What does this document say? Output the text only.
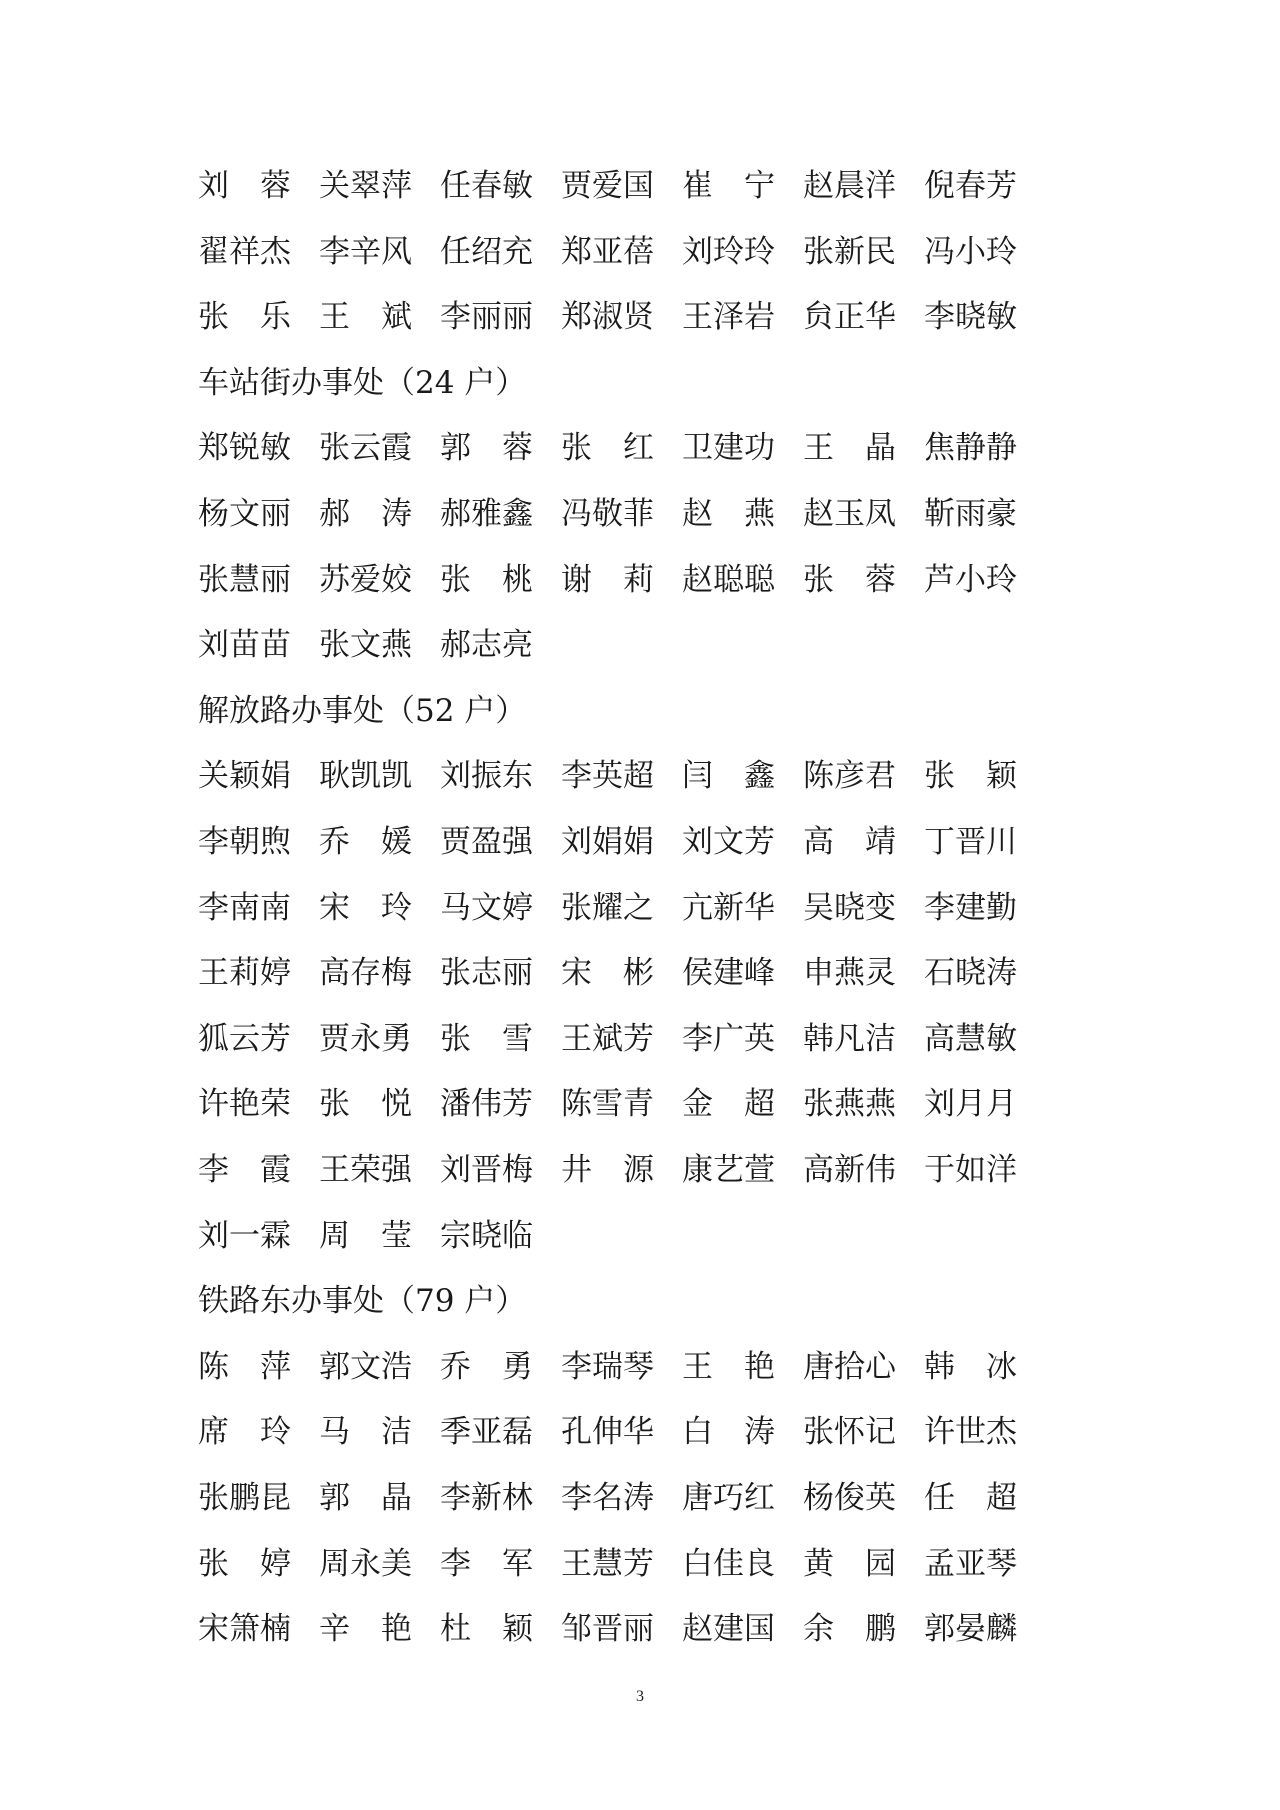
刘　蓉 关翠萍 任春敏 贾爱国 崔　宁 赵晨洋 倪春芳
翟祥杰 李辛风 任绍充 郑亚蓓 刘玲玲 张新民 冯小玲
张　乐 王　斌 李丽丽 郑淑贤 王泽岩 贠正华 李晓敏
车站街办事处（24 户）
郑锐敏 张云霞 郭　蓉 张　红 卫建功 王　晶 焦静静
杨文丽 郝　涛 郝雅鑫 冯敬菲 赵　燕 赵玉凤 靳雨豪
张慧丽 苏爱姣 张　桃 谢　莉 赵聪聪 张　蓉 芦小玲
刘苗苗 张文燕 郝志亮
解放路办事处（52 户）
关颖娟 耿凯凯 刘振东 李英超 闫　鑫 陈彦君 张　颖
李朝煦 乔　媛 贾盈强 刘娟娟 刘文芳 高　靖 丁晋川
李南南 宋　玲 马文婷 张耀之 亢新华 吴晓变 李建勤
王莉婷 高存梅 张志丽 宋　彬 侯建峰 申燕灵 石晓涛
狐云芳 贾永勇 张　雪 王斌芳 李广英 韩凡洁 高慧敏
许艳荣 张　悦 潘伟芳 陈雪青 金　超 张燕燕 刘月月
李　霞 王荣强 刘晋梅 井　源 康艺萱 高新伟 于如洋
刘一霖 周　莹 宗晓临
铁路东办事处（79 户）
陈　萍 郭文浩 乔　勇 李瑞琴 王　艳 唐拾心 韩　冰
席　玲 马　洁 季亚磊 孔伸华 白　涛 张怀记 许世杰
张鹏昆 郭　晶 李新林 李名涛 唐巧红 杨俊英 任　超
张　婷 周永美 李　军 王慧芳 白佳良 黄　园 孟亚琴
宋箫楠 辛　艳 杜　颖 邹晋丽 赵建国 余　鹏 郭晏麟
3
